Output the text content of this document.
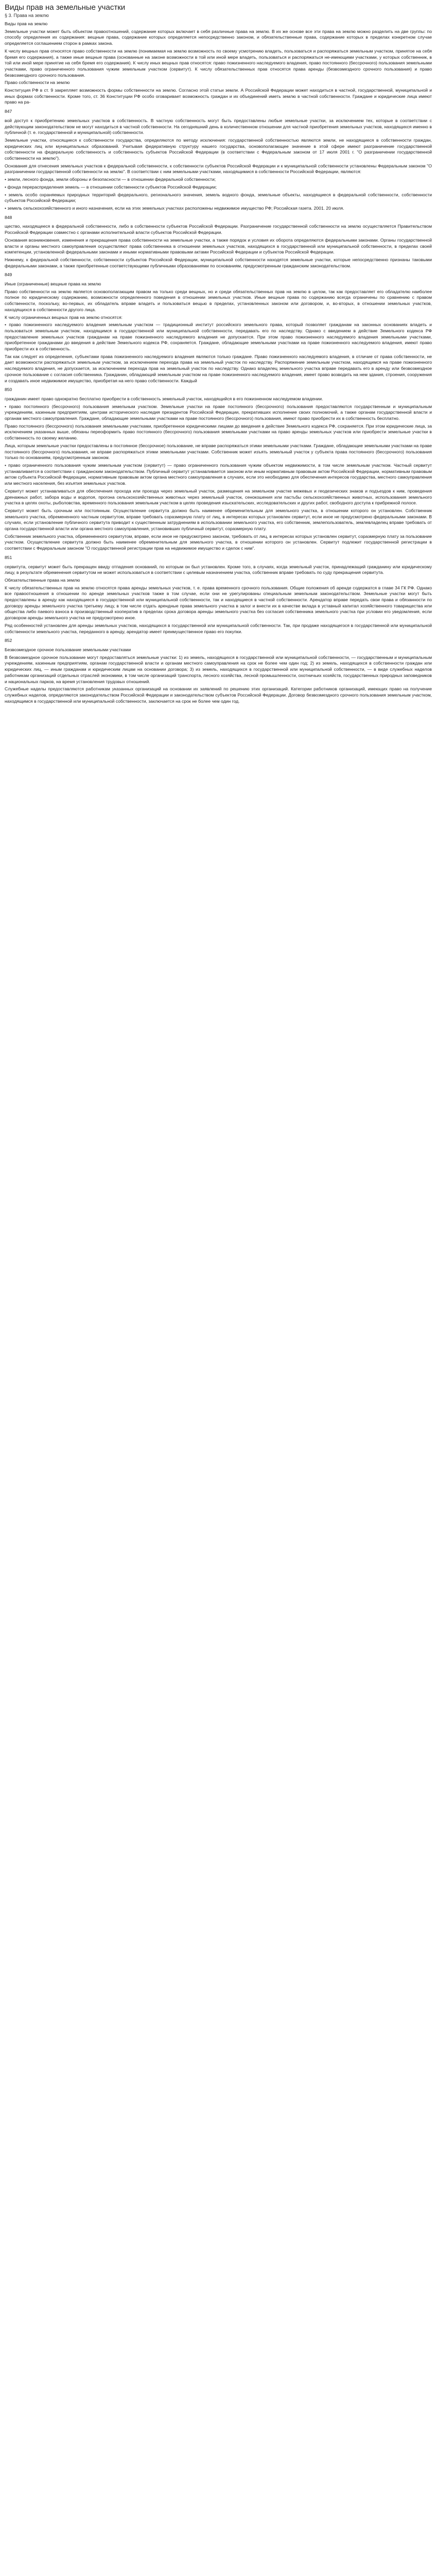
Виды прав на земельные участки
§ 3. Права на землю

Виды прав на землю

Земельные участки может быть объектом правоотношений, содержание которых включает в себя различные права на землю. В их же основе все эти права на землю можно разделить на две группы: по способу определения их содержания: вещные права, содержание которых определяется непосредственно законом, и обязательственные права, содержание которых в пределах конкретном случае определяется соглашением сторон в рамках закона.

К числу вещных прав относятся право собственности на землю (понимаемая на землю возможность по своему усмотрению владеть, пользоваться и распоряжаться земельным участком, принятое на себя бремя его содержания), а также иные вещные права (основанные на законе возможности в той или иной мере владеть, пользоваться и распоряжаться не-имеющими участками, у которых собственник, в той или иной мере принятие на себя бремя его содержания). К числу иных вещных прав относятся: право пожизненного наследуемого владения, право постоянного (бессрочного) пользования земельными участками, право ограниченного пользования чужим земельным участком (сервитут). К числу обязательственных прав относятся права аренды (безвозмездного срочного пользования) и право безвозмездного срочного пользования.

Право собственности на землю

Конституция РФ в ст. 9 закрепляет возможность формы собственности на землю. Согласно этой статьи земли. А Российской Федерации может находиться в частной, государственной, муниципальной и иных формах собственности. Кроме того, ст. 36 Конституции РФ особо оговаривает возможность граждан и их объединений иметь землю в частной собственности. Граждане и юридические лица имеют право на ра-

847

вой доступ к приобретению земельных участков в собственность. В частную собственность могут быть предоставлены любые земельные участки, за исключением тех, которые в соответствии с действующим законодательством не могут находиться в частной собственности. На сегодняшний день в количественном отношении для частной приобретения земельных участков, находящихся именно в публичной (т. е. государственной и муниципальной) собственности.

Земельные участки, относящиеся к собственности государства, определяются по методу исключения: государственной собственностью являются земли, не находящиеся в собственности граждан, юридических лиц или муниципальных образований. Учитывая федеративную структуру нашего государства, основополагающее значение в этой сфере имеют разграничение государственной собственности на федеральную собственность и собственность субъектов Российской Федерации (в соответствии с Федеральным законом от 17 июля 2001 г. "О разграничении государственной собственности на землю").

Основания для отнесения земельных участков к федеральной собственности, к собственности субъектов Российской Федерации и к муниципальной собственности установлены Федеральным законом "О разграничении государственной собственности на землю". В соответствии с ним земельными участками, находящимися в собственности Российской Федерации, являются:

• земли, лесного фонда, земли обороны и безопасности — в отношении федеральной собственности;

• фонда перераспределения земель — в отношении собственности субъектов Российской Федерации;

• земель особо охраняемых природных территорий федерального, регионального значения, земель водного фонда, земельные объекты, находящиеся в федеральной собственности, собственности субъектов Российской Федерации;

• земель сельскохозяйственного и иного назначения, если на этих земельных участках расположены недвижимое имущество РФ; Российская газета. 2001. 20 июля.

848

щество, находящееся в федеральной собственности, либо в собственности субъектов Российской Федерации. Разграничение государственной собственности на землю осуществляется Правительством Российской Федерации совместно с органами исполнительной власти субъектов Российской Федерации.

Основания возникновения, изменения и прекращения права собственности на земельные участки, а также порядок и условия их оборота определяются федеральными законами. Органы государственной власти и органы местного самоуправления осуществляют права собственника в отношении земельных участков, находящихся в государственной или муниципальной собственности, в пределах своей компетенции, установленной федеральными законами и иными нормативными правовыми актами Российской Федерации и субъектов Российской Федерации.

Нижнему, к федеральной собственности, собственности субъектов Российской Федерации, муниципальной собственности находятся земельные участки, которые непосредственно признаны таковыми федеральными законами, а также приобретенные соответствующими публичными образованиями по основаниям, предусмотренным гражданским законодательством.

849

Иные (ограниченные) вещные права на землю

Право собственности на землю является основополагающим правом на только среди вещных, но и среди обязательственных прав на землю в целом, так как предоставляет его обладателю наиболее полное по юридическому содержанию, возможности определенного поведения в отношении земельных участков. Иные вещные права по содержанию всегда ограничены по сравнению с правом собственности, поскольку, во-первых, их обладатель вправе владеть и пользоваться вещью в пределах, установленных законом или договором, и, во-вторых, в отношении земельных участков, находящихся в собственности другого лица.

К числу ограниченных вещных прав на землю относятся:

• право пожизненного наследуемого владения земельным участком — традиционный институт российского земельного права, который позволяет гражданам на законных основаниях владеть и пользоваться земельным участком, находящимся в государственной или муниципальной собственности, передавать его по наследству. Однако с введением в действие Земельного кодекса РФ предоставление земельных участков гражданам на праве пожизненного наследуемого владения не допускается. При этом право пожизненного наследуемого владения земельными участками, приобретенное гражданами до введения в действие Земельного кодекса РФ, сохраняется. Граждане, обладающие земельными участками на праве пожизненного наследуемого владения, имеют право приобрести их в собственность.

Так как следует из определения, субъектами права пожизненного наследуемого владения являются только граждане. Право пожизненного наследуемого владения, в отличие от права собственности, не дает возможности распоряжаться земельным участком, за исключением перехода права на земельный участок по наследству. Распоряжение земельным участком, находящимся на праве пожизненного наследуемого владения, не допускается, за исключением перехода прав на земельный участок по наследству. Однако владелец земельного участка вправе передавать его в аренду или безвозмездное срочное пользование с согласия собственника. Гражданин, обладающий земельным участком на праве пожизненного наследуемого владения, имеет право возводить на нем здания, строения, сооружения и создавать иное недвижимое имущество, приобретая на него право собственности. Каждый

850

гражданин имеет право однократно бесплатно приобрести в собственность земельный участок, находящийся в его пожизненном наследуемом владении.

• право постоянного (бессрочного) пользования земельным участком. Земельные участки на праве постоянного (бессрочного) пользования предоставляются государственным и муниципальным учреждениям, казенным предприятиям, центрам исторического наследия президентов Российской Федерации, прекративших исполнение своих полномочий, а также органам государственной власти и органам местного самоуправления. Граждане, обладающие земельными участками на праве постоянного (бессрочного) пользования, имеют право приобрести их в собственность бесплатно.

Право постоянного (бессрочного) пользования земельными участками, приобретенное юридическими лицами до введения в действие Земельного кодекса РФ, сохраняется. При этом юридические лица, за исключением указанных выше, обязаны переоформить право постоянного (бессрочного) пользования земельными участками на право аренды земельных участков или приобрести земельные участки в собственность по своему желанию.

Лица, которым земельные участки предоставлены в постоянное (бессрочное) пользование, не вправе распоряжаться этими земельными участками. Граждане, обладающие земельными участками на праве постоянного (бессрочного) пользования, не вправе распоряжаться этими земельными участками. Собственник может изъять земельный участок у субъекта права постоянного (бессрочного) пользования только по основаниям, предусмотренным законом.

• право ограниченного пользования чужим земельным участком (сервитут) — право ограниченного пользования чужим объектом недвижимости, в том числе земельным участком. Частный сервитут устанавливается в соответствии с гражданским законодательством. Публичный сервитут устанавливается законом или иным нормативным правовым актом Российской Федерации, нормативным правовым актом субъекта Российской Федерации, нормативным правовым актом органа местного самоуправления в случаях, если это необходимо для обеспечения интересов государства, местного самоуправления или местного населения, без изъятия земельных участков.

Сервитут может устанавливаться для обеспечения прохода или проезда через земельный участок, размещения на земельном участке межевых и геодезических знаков и подъездов к ним, проведения дренажных работ, забора воды и водопоя, прогона сельскохозяйственных животных через земельный участок, сенокошения или пастьбы сельскохозяйственных животных, использования земельного участка в целях охоты, рыболовства, временного пользования земельным участком в целях проведения изыскательских, исследовательских и других работ, свободного доступа к прибрежной полосе.

Сервитут может быть срочным или постоянным. Осуществление сервитута должно быть наименее обременительным для земельного участка, в отношении которого он установлен. Собственник земельного участка, обремененного частным сервитутом, вправе требовать соразмерную плату от лиц, в интересах которых установлен сервитут, если иное не предусмотрено федеральными законами. В случаях, если установление публичного сервитута приводит к существенным затруднениям в использовании земельного участка, его собственник, землепользователь, землевладелец вправе требовать от органа государственной власти или органа местного самоуправления, установивших публичный сервитут, соразмерную плату.

Собственник земельного участка, обремененного сервитутом, вправе, если иное не предусмотрено законом, требовать от лиц, в интересах которых установлен сервитут, соразмерную плату за пользование участком. Осуществление сервитута должно быть наименее обременительным для земельного участка, в отношении которого он установлен. Сервитут подлежит государственной регистрации в соответствии с Федеральным законом "О государственной регистрации прав на недвижимое имущество и сделок с ним".

851

сервитута, сервитут может быть прекращен ввиду отпадения оснований, по которым он был установлен. Кроме того, в случаях, когда земельный участок, принадлежащий гражданину или юридическому лицу, в результате обременения сервитутом не может использоваться в соответствии с целевым назначением участка, собственник вправе требовать по суду прекращения сервитута.

Обязательственные права на землю

К числу обязательственных прав на землю относятся права аренды земельных участков, т. е. права временного срочного пользования. Общие положения об аренде содержатся в главе 34 ГК РФ. Однако все правоотношения в отношении по аренде земельных участков также в том случае, если они не урегулированы специальным земельным законодательством. Земельные участки могут быть предоставлены в аренду как находящиеся в государственной или муниципальной собственности, так и находящиеся в частной собственности. Арендатор вправе передать свои права и обязанности по договору аренды земельного участка третьему лицу, в том числе отдать арендные права земельного участка в залог и внести их в качестве вклада в уставный капитал хозяйственного товарищества или общества либо паевого взноса в производственный кооператив в пределах срока договора аренды земельного участка без согласия собственника земельного участка при условии его уведомления, если договором аренды земельного участка не предусмотрено иное.

Ряд особенностей установлен для аренды земельных участков, находящихся в государственной или муниципальной собственности. Так, при продаже находящегося в государственной или муниципальной собственности земельного участка, переданного в аренду, арендатор имеет преимущественное право его покупки.

852

Безвозмездное срочное пользование земельными участками

В безвозмездное срочное пользование могут предоставляться земельные участки: 1) из земель, находящихся в государственной или муниципальной собственности, — государственным и муниципальным учреждениям, казенным предприятиям, органам государственной власти и органам местного самоуправления на срок не более чем один год; 2) из земель, находящихся в собственности граждан или юридических лиц, — иным гражданам и юридическим лицам на основании договора; 3) из земель, находящихся в государственной или муниципальной собственности, — в виде служебных наделов работникам организаций отдельных отраслей экономики, в том числе организаций транспорта, лесного хозяйства, лесной промышленности, охотничьих хозяйств, государственных природных заповедников и национальных парков, на время установления трудовых отношений.

Служебные наделы предоставляются работникам указанных организаций на основании их заявлений по решению этих организаций. Категории работников организаций, имеющих право на получение служебных наделов, определяются законодательством Российской Федерации и законодательством субъектов Российской Федерации. Договор безвозмездного срочного пользования земельным участком, находящимся в государственной или муниципальной собственности, заключается на срок не более чем один год.
